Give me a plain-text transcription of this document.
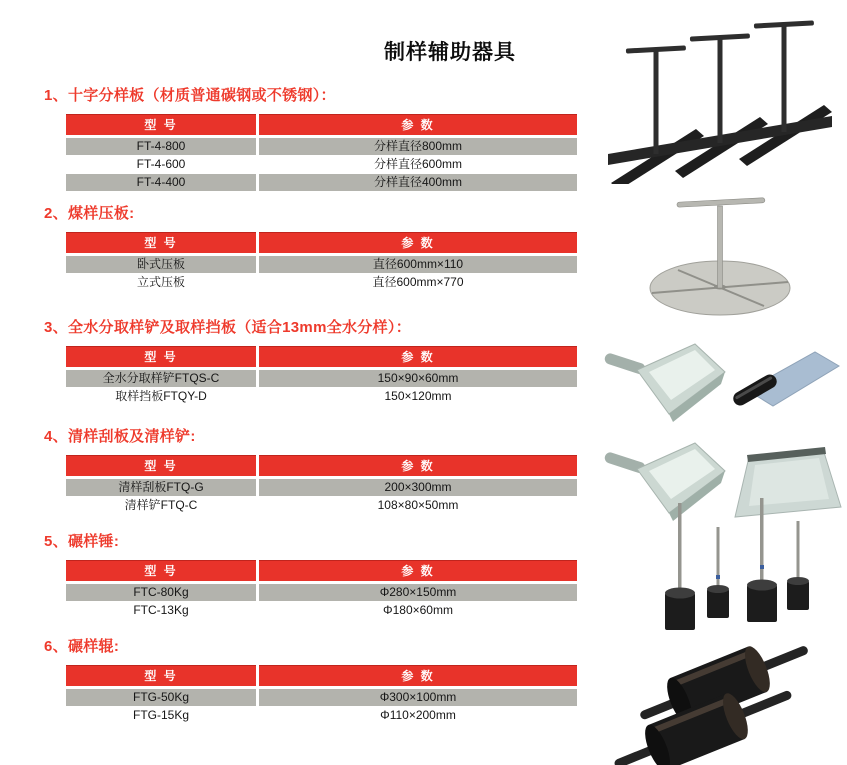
制样辅助器具
1、十字分样板（材质普通碳钢或不锈钢）：
型 号	参 数
FT-4-800	分样直径800mm
FT-4-600	分样直径600mm
FT-4-400	分样直径400mm
2、煤样压板:
型 号	参 数
卧式压板	直径600mm×110
立式压板	直径600mm×770
3、全水分取样铲及取样挡板（适合13mm全水分样）：
型 号	参 数
全水分取样铲FTQS-C	150×90×60mm
取样挡板FTQY-D	150×120mm
4、清样刮板及清样铲:
型 号	参 数
清样刮板FTQ-G	200×300mm
清样铲FTQ-C	108×80×50mm
5、碾样锤:
型 号	参 数
FTC-80Kg	Φ280×150mm
FTC-13Kg	Φ180×60mm
6、碾样辊:
型 号	参 数
FTG-50Kg	Φ300×100mm
FTG-15Kg	Φ110×200mm
